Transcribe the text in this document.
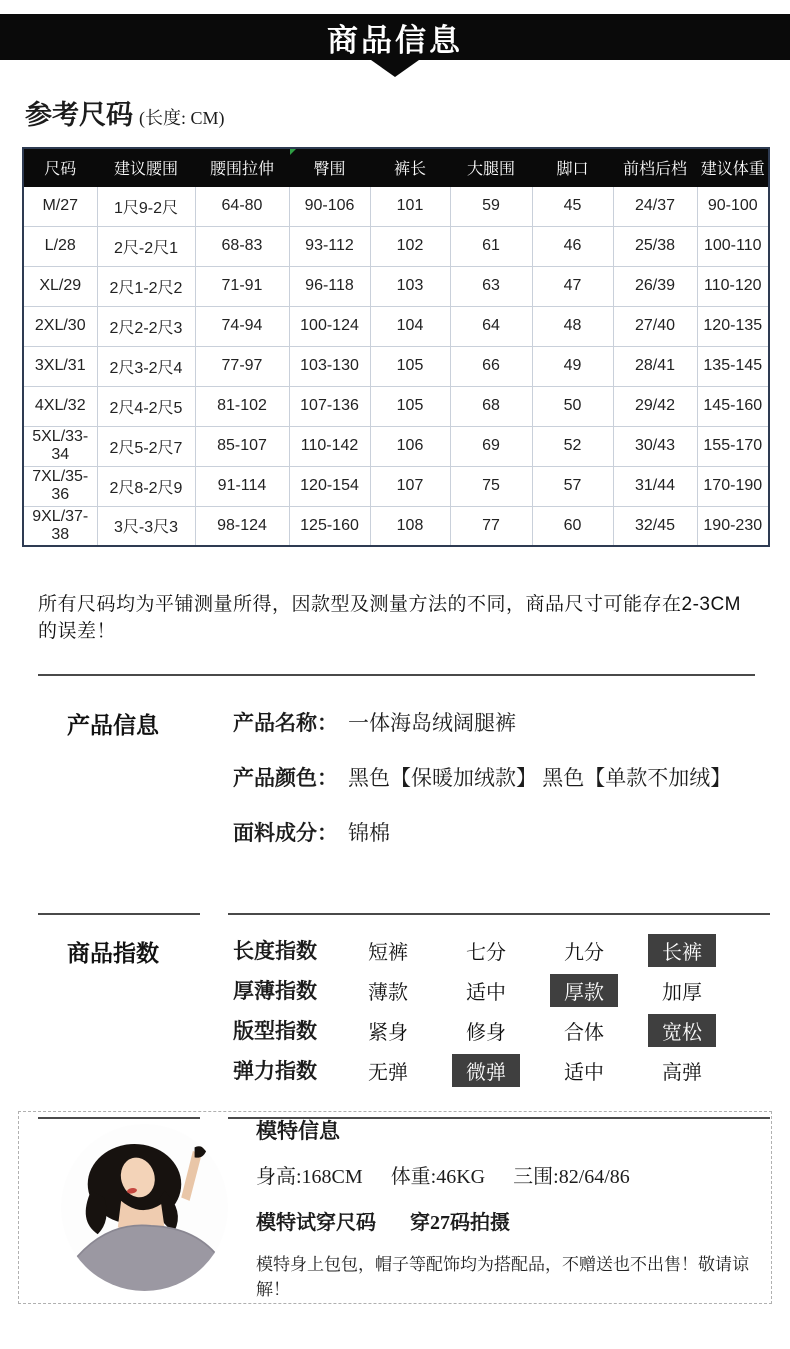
商品信息
参考尺码 (长度: CM)
尺码	建议腰围	腰围拉伸	臀围	裤长	大腿围	脚口	前档后档	建议体重
M/27	1尺9-2尺	64-80	90-106	101	59	45	24/37	90-100
L/28	2尺-2尺1	68-83	93-112	102	61	46	25/38	100-110
XL/29	2尺1-2尺2	71-91	96-118	103	63	47	26/39	110-120
2XL/30	2尺2-2尺3	74-94	100-124	104	64	48	27/40	120-135
3XL/31	2尺3-2尺4	77-97	103-130	105	66	49	28/41	135-145
4XL/32	2尺4-2尺5	81-102	107-136	105	68	50	29/42	145-160
5XL/33-34	2尺5-2尺7	85-107	110-142	106	69	52	30/43	155-170
7XL/35-36	2尺8-2尺9	91-114	120-154	107	75	57	31/44	170-190
9XL/37-38	3尺-3尺3	98-124	125-160	108	77	60	32/45	190-230
所有尺码均为平铺测量所得，因款型及测量方法的不同，商品尺寸可能存在2-3CM的误差！
产品信息	产品名称： 一体海岛绒阔腿裤
产品颜色： 黑色【保暖加绒款】 黑色【单款不加绒】
面料成分： 锦棉
商品指数	长度指数	短裤	七分	九分	长裤
厚薄指数	薄款	适中	厚款	加厚
版型指数	紧身	修身	合体	宽松
弹力指数	无弹	微弹	适中	高弹
模特信息
身高:168CM 体重:46KG 三围:82/64/86
模特试穿尺码 穿27码拍摄
模特身上包包，帽子等配饰均为搭配品，不赠送也不出售！敬请谅解！
